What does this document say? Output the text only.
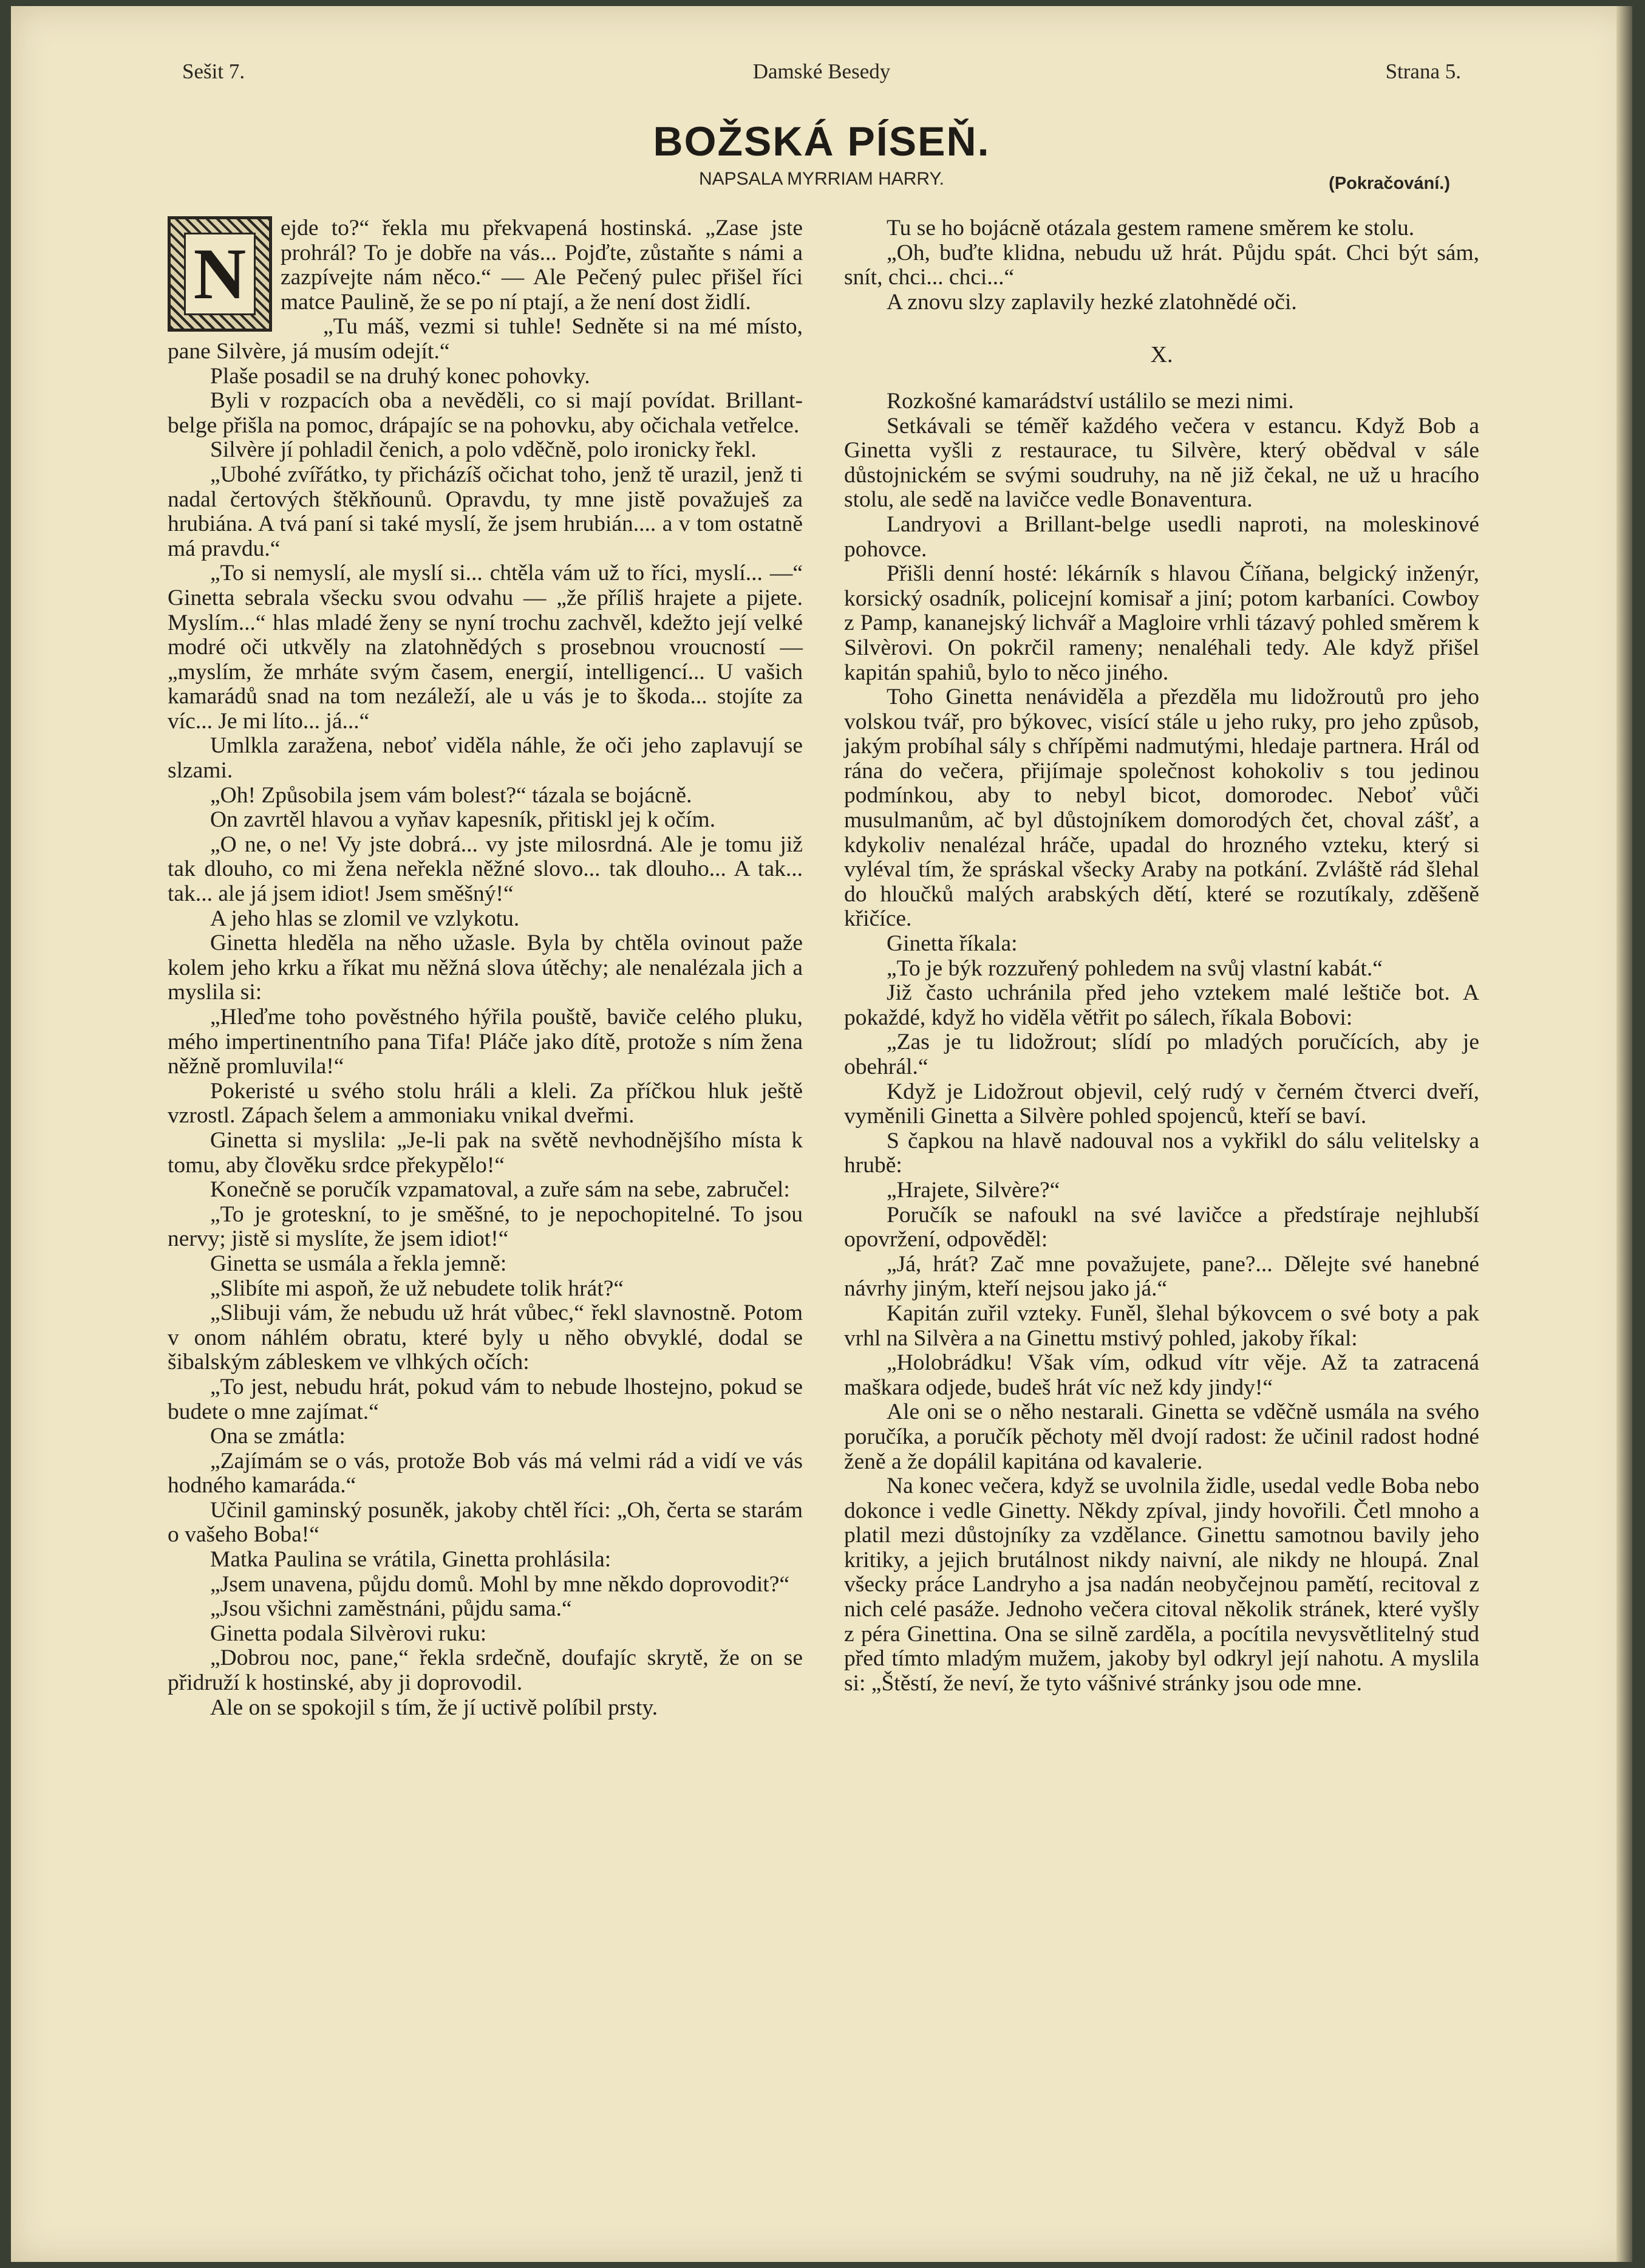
Sešit 7.	Damské Besedy	Strana 5.
BOŽSKÁ PÍSEŇ.
NAPSALA MYRRIAM HARRY.	(Pokračování.)
N

ejde to?“ řekla mu překvapená hostinská. „Zase jste prohrál? To je dobře na vás... Pojďte, zůstaňte s námi a zazpívejte nám něco.“ — Ale Pečený pulec přišel říci matce Paulině, že se po ní ptají, a že není dost židlí.

„Tu máš, vezmi si tuhle! Sedněte si na mé místo, pane Silvère, já musím odejít.“

Plaše posadil se na druhý konec pohovky.

Byli v rozpacích oba a nevěděli, co si mají povídat. Brillant-belge přišla na pomoc, drápajíc se na pohovku, aby očichala vetřelce.

Silvère jí pohladil čenich, a polo vděčně, polo ironicky řekl.

„Ubohé zvířátko, ty přicházíš očichat toho, jenž tě urazil, jenž ti nadal čertových štěkňounů. Opravdu, ty mne jistě považuješ za hrubiána. A tvá paní si také myslí, že jsem hrubián.... a v tom ostatně má pravdu.“

„To si nemyslí, ale myslí si... chtěla vám už to říci, myslí... —“ Ginetta sebrala všecku svou odvahu — „že příliš hrajete a pijete. Myslím...“ hlas mladé ženy se nyní trochu zachvěl, kdežto její velké modré oči utkvěly na zlatohnědých s prosebnou vroucností — „myslím, že mrháte svým časem, energií, intelligencí... U vašich kamarádů snad na tom nezáleží, ale u vás je to škoda... stojíte za víc... Je mi líto... já...“

Umlkla zaražena, neboť viděla náhle, že oči jeho zaplavují se slzami.

„Oh! Způsobila jsem vám bolest?“ tázala se bojácně.

On zavrtěl hlavou a vyňav kapesník, přitiskl jej k očím.

„O ne, o ne! Vy jste dobrá... vy jste milosrdná. Ale je tomu již tak dlouho, co mi žena neřekla něžné slovo... tak dlouho... A tak... tak... ale já jsem idiot! Jsem směšný!“

A jeho hlas se zlomil ve vzlykotu.

Ginetta hleděla na něho užasle. Byla by chtěla ovinout paže kolem jeho krku a říkat mu něžná slova útěchy; ale nenalézala jich a myslila si:

„Hleďme toho pověstného hýřila pouště, baviče celého pluku, mého impertinentního pana Tifa! Pláče jako dítě, protože s ním žena něžně promluvila!“

Pokeristé u svého stolu hráli a kleli. Za příčkou hluk ještě vzrostl. Zápach šelem a ammoniaku vnikal dveřmi.

Ginetta si myslila: „Je-li pak na světě nevhodnějšího místa k tomu, aby člověku srdce překypělo!“

Konečně se poručík vzpamatoval, a zuře sám na sebe, zabručel:

„To je groteskní, to je směšné, to je nepochopitelné. To jsou nervy; jistě si myslíte, že jsem idiot!“

Ginetta se usmála a řekla jemně:

„Slibíte mi aspoň, že už nebudete tolik hrát?“

„Slibuji vám, že nebudu už hrát vůbec,“ řekl slavnostně. Potom v onom náhlém obratu, které byly u něho obvyklé, dodal se šibalským zábleskem ve vlhkých očích:

„To jest, nebudu hrát, pokud vám to nebude lhostejno, pokud se budete o mne zajímat.“

Ona se zmátla:

„Zajímám se o vás, protože Bob vás má velmi rád a vidí ve vás hodného kamaráda.“

Učinil gaminský posuněk, jakoby chtěl říci: „Oh, čerta se starám o vašeho Boba!“

Matka Paulina se vrátila, Ginetta prohlásila:

„Jsem unavena, půjdu domů. Mohl by mne někdo doprovodit?“

„Jsou všichni zaměstnáni, půjdu sama.“

Ginetta podala Silvèrovi ruku:

„Dobrou noc, pane,“ řekla srdečně, doufajíc skrytě, že on se přidruží k hostinské, aby ji doprovodil.

Ale on se spokojil s tím, že jí uctivě políbil prsty.

Tu se ho bojácně otázala gestem ramene směrem ke stolu.

„Oh, buďte klidna, nebudu už hrát. Půjdu spát. Chci být sám, snít, chci... chci...“

A znovu slzy zaplavily hezké zlatohnědé oči.

X.

Rozkošné kamarádství ustálilo se mezi nimi.

Setkávali se téměř každého večera v estancu. Když Bob a Ginetta vyšli z restaurace, tu Silvère, který obědval v sále důstojnickém se svými soudruhy, na ně již čekal, ne už u hracího stolu, ale sedě na lavičce vedle Bonaventura.

Landryovi a Brillant-belge usedli naproti, na moleskinové pohovce.

Přišli denní hosté: lékárník s hlavou Číňana, belgický inženýr, korsický osadník, policejní komisař a jiní; potom karbaníci. Cowboy z Pamp, kananejský lichvář a Magloire vrhli tázavý pohled směrem k Silvèrovi. On pokrčil rameny; nenaléhali tedy. Ale když přišel kapitán spahiů, bylo to něco jiného.

Toho Ginetta nenáviděla a přezděla mu lidožroutů pro jeho volskou tvář, pro býkovec, visící stále u jeho ruky, pro jeho způsob, jakým probíhal sály s chřípěmi nadmutými, hledaje partnera. Hrál od rána do večera, přijímaje společnost kohokoliv s tou jedinou podmínkou, aby to nebyl bicot, domorodec. Neboť vůči musulmanům, ač byl důstojníkem domorodých čet, choval zášť, a kdykoliv nenalézal hráče, upadal do hrozného vzteku, který si vyléval tím, že spráskal všecky Araby na potkání. Zvláště rád šlehal do hloučků malých arabských dětí, které se rozutíkaly, zděšeně křičíce.

Ginetta říkala:

„To je býk rozzuřený pohledem na svůj vlastní kabát.“

Již často uchránila před jeho vztekem malé leštiče bot. A pokaždé, když ho viděla větřit po sálech, říkala Bobovi:

„Zas je tu lidožrout; slídí po mladých poručících, aby je obehrál.“

Když je Lidožrout objevil, celý rudý v černém čtverci dveří, vyměnili Ginetta a Silvère pohled spojenců, kteří se baví.

S čapkou na hlavě nadouval nos a vykřikl do sálu velitelsky a hrubě:

„Hrajete, Silvère?“

Poručík se nafoukl na své lavičce a předstíraje nejhlubší opovržení, odpověděl:

„Já, hrát? Zač mne považujete, pane?... Dělejte své hanebné návrhy jiným, kteří nejsou jako já.“

Kapitán zuřil vzteky. Funěl, šlehal býkovcem o své boty a pak vrhl na Silvèra a na Ginettu mstivý pohled, jakoby říkal:

„Holobrádku! Však vím, odkud vítr věje. Až ta zatracená maškara odjede, budeš hrát víc než kdy jindy!“

Ale oni se o něho nestarali. Ginetta se vděčně usmála na svého poručíka, a poručík pěchoty měl dvojí radost: že učinil radost hodné ženě a že dopálil kapitána od kavalerie.

Na konec večera, když se uvolnila židle, usedal vedle Boba nebo dokonce i vedle Ginetty. Někdy zpíval, jindy hovořili. Četl mnoho a platil mezi důstojníky za vzdělance. Ginettu samotnou bavily jeho kritiky, a jejich brutálnost nikdy naivní, ale nikdy ne hloupá. Znal všecky práce Landryho a jsa nadán neobyčejnou pamětí, recitoval z nich celé pasáže. Jednoho večera citoval několik stránek, které vyšly z péra Ginettina. Ona se silně zarděla, a pocítila nevysvětlitelný stud před tímto mladým mužem, jakoby byl odkryl její nahotu. A myslila si: „Štěstí, že neví, že tyto vášnivé stránky jsou ode mne.
